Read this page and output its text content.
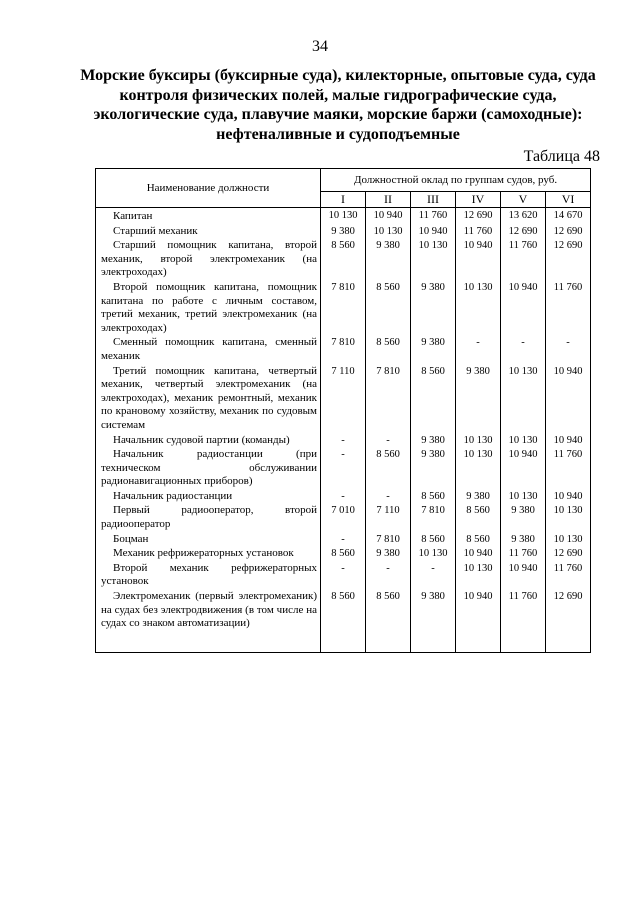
34
Морские буксиры (буксирные суда), килекторные, опытовые суда, суда контроля физических полей, малые гидрографические суда, экологические суда, плавучие маяки, морские баржи (самоходные): нефтеналивные и судоподъемные
Таблица 48
Наименование должности	Должностной оклад по группам судов, руб.					
	I	II	III	IV	V	VI

Капитан	10 130	10 940	11 760	12 690	13 620	14 670

Старший механик	9 380	10 130	10 940	11 760	12 690	12 690

Старший помощник капитана, второй механик, второй электромеханик (на электроходах)	8 560	9 380	10 130	10 940	11 760	12 690

Второй помощник капитана, помощник капитана по работе с личным составом, третий механик, третий электромеханик (на электроходах)	7 810	8 560	9 380	10 130	10 940	11 760

Сменный помощник капитана, сменный механик	7 810	8 560	9 380	-	-	-

Третий помощник капитана, четвертый механик, четвертый электромеханик (на электроходах), механик ремонтный, механик по крановому хозяйству, механик по судовым системам	7 110	7 810	8 560	9 380	10 130	10 940

Начальник судовой партии (команды)	-	-	9 380	10 130	10 130	10 940

Начальник радиостанции (при техническом обслуживании радионавигационных приборов)	-	8 560	9 380	10 130	10 940	11 760

Начальник радиостанции	-	-	8 560	9 380	10 130	10 940

Первый радиооператор, второй радиооператор	7 010	7 110	7 810	8 560	9 380	10 130

Боцман	-	7 810	8 560	8 560	9 380	10 130

Механик рефрижераторных установок	8 560	9 380	10 130	10 940	11 760	12 690

Второй механик рефрижераторных установок	-	-	-	10 130	10 940	11 760

Электромеханик (первый электромеханик) на судах без электродвижения (в том числе на судах со знаком автоматизации)	8 560	8 560	9 380	10 940	11 760	12 690
